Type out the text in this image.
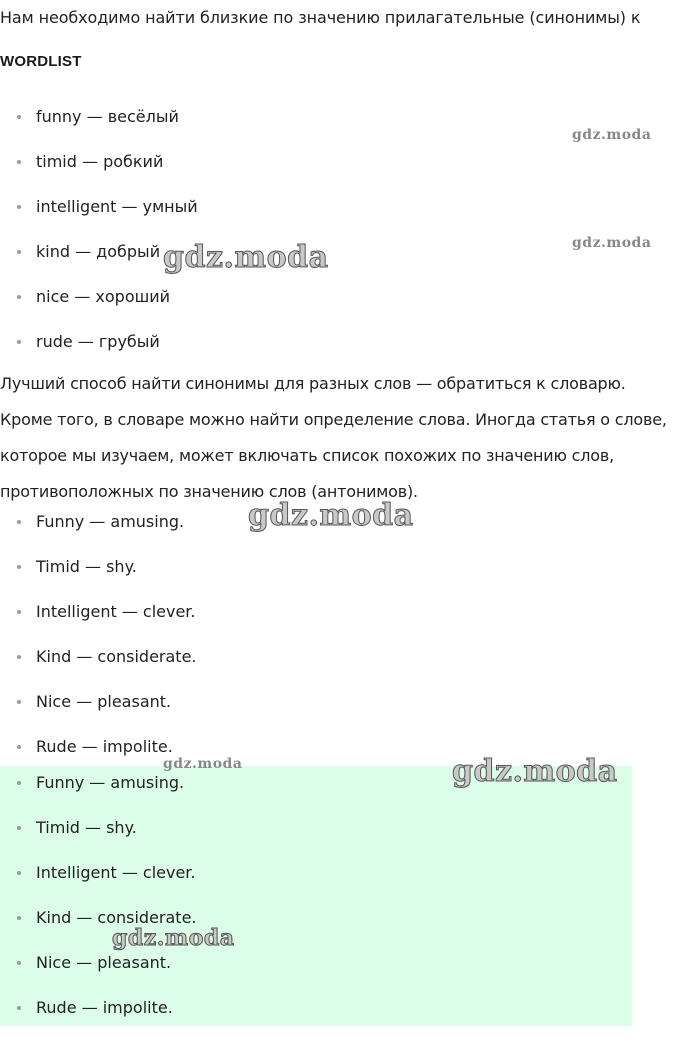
Нам необходимо найти близкие по значению прилагательные (синонимы) к
WORDLIST
funny — весёлый
timid — робкий
intelligent — умный
kind — добрый
nice — хороший
rude — грубый
Лучший способ найти синонимы для разных слов — обратиться к словарю.
Кроме того, в словаре можно найти определение слова. Иногда статья о слове,
которое мы изучаем, может включать список похожих по значению слов,
противоположных по значению слов (антонимов).
Funny — amusing.
Timid — shy.
Intelligent — clever.
Kind — considerate.
Nice — pleasant.
Rude — impolite.
Funny — amusing.
Timid — shy.
Intelligent — clever.
Kind — considerate.
Nice — pleasant.
Rude — impolite.
gdz.moda
gdz.moda
gdz.moda
gdz.moda
gdz.moda	gdz.moda
gdz.moda
